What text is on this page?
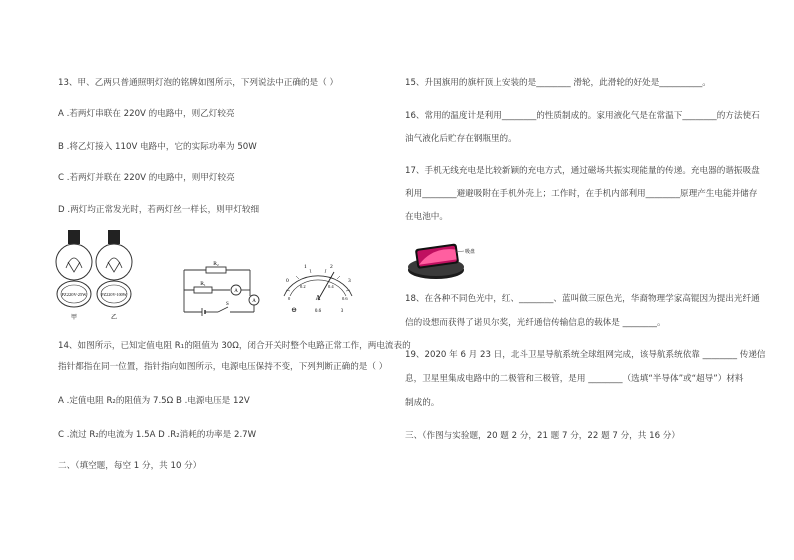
13、甲、乙两只普通照明灯泡的铭牌如图所示，下列说法中正确的是（ ）
A .若两灯串联在 220V 的电路中，则乙灯较亮
B .将乙灯接入 110V 电路中，它的实际功率为 50W
C .若两灯并联在 220V 的电路中，则甲灯较亮
D .两灯均正常发光时，若两灯丝一样长，则甲灯较细
PZ220V-25W
甲
PZ220V-100W
乙
R₂
R₁
A
A
S
0
1	2
3
0
0.2	0.4
0.6
A
⊖	0.6	3
14、如图所示，已知定值电阻 R₁的阻值为 30Ω，闭合开关时整个电路正常工作，两电流表的
指针都指在同一位置，指针指向如图所示，电源电压保持不变，下列判断正确的是（ ）
A .定值电阻 R₂的阻值为 7.5Ω B .电源电压是 12V
C .流过 R₂的电流为 1.5A D .R₂消耗的功率是 2.7W
二、（填空题，每空 1 分，共 10 分）
15、升国旗用的旗杆顶上安装的是________ 滑轮，此滑轮的好处是__________。
16、常用的温度计是利用________的性质制成的。家用液化气是在常温下________的方法使石
油气液化后贮存在钢瓶里的。
17、手机无线充电是比较新颖的充电方式，通过磁场共振实现能量的传递。充电器的谐振吸盘
利用________避避吸附在手机外壳上；工作时，在手机内部利用________原理产生电能并储存
在电池中。
吸盘
18、在各种不同色光中，红、________、蓝叫做三原色光，华裔物理学家高锟因为提出光纤通
信的设想而获得了诺贝尔奖，光纤通信传输信息的载体是 ________。
19、2020 年 6 月 23 日，北斗卫星导航系统全球组网完成，该导航系统依靠 ________ 传递信
息，卫星里集成电路中的二极管和三极管，是用 ________（选填“半导体”或“超导”）材料
制成的。
三、（作图与实验题，20 题 2 分，21 题 7 分，22 题 7 分，共 16 分）
